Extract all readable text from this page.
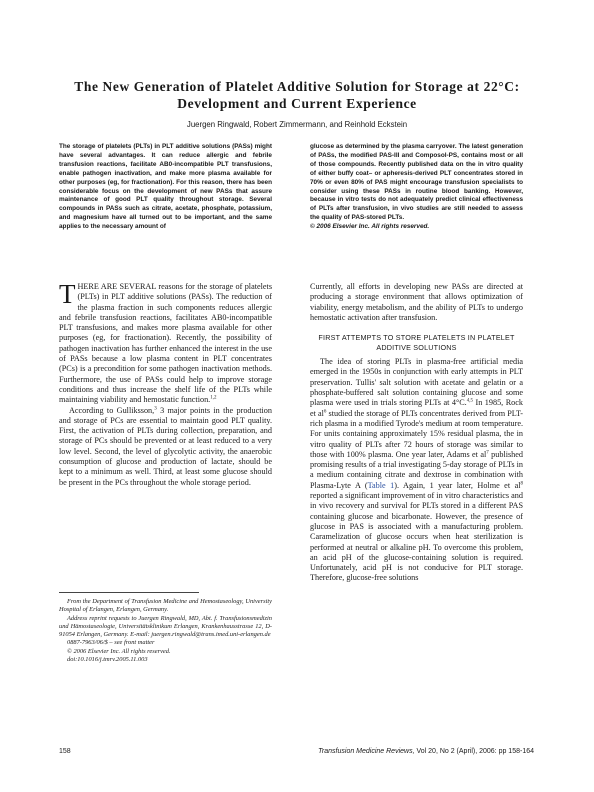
The New Generation of Platelet Additive Solution for Storage at 22°C: Development and Current Experience

Juergen Ringwald, Robert Zimmermann, and Reinhold Eckstein

The storage of platelets (PLTs) in PLT additive solutions (PASs) might have several advantages. It can reduce allergic and febrile transfusion reactions, facilitate AB0-incompatible PLT transfusions, enable pathogen inactivation, and make more plasma available for other purposes (eg, for fractionation). For this reason, there has been considerable focus on the development of new PASs that assure maintenance of good PLT quality throughout storage. Several compounds in PASs such as citrate, acetate, phosphate, potassium, and magnesium have all turned out to be important, and the same applies to the necessary amount of

glucose as determined by the plasma carryover. The latest generation of PASs, the modified PAS-III and Composol-PS, contains most or all of those compounds. Recently published data on the in vitro quality of either buffy coat– or apheresis-derived PLT concentrates stored in 70% or even 80% of PAS might encourage transfusion specialists to consider using these PASs in routine blood banking. However, because in vitro tests do not adequately predict clinical effectiveness of PLTs after transfusion, in vivo studies are still needed to assess the quality of PAS-stored PLTs.
© 2006 Elsevier Inc. All rights reserved.

THERE ARE SEVERAL reasons for the storage of platelets (PLTs) in PLT additive solutions (PASs). The reduction of the plasma fraction in such components reduces allergic and febrile transfusion reactions, facilitates AB0-incompatible PLT transfusions, and makes more plasma available for other purposes (eg, for fractionation). Recently, the possibility of pathogen inactivation has further enhanced the interest in the use of PASs because a low plasma content in PLT concentrates (PCs) is a precondition for some pathogen inactivation methods. Furthermore, the use of PASs could help to improve storage conditions and thus increase the shelf life of the PLTs while maintaining viability and hemostatic function.$^{1,2}$

According to Gulliksson,$^3$ 3 major points in the production and storage of PCs are essential to maintain good PLT quality. First, the activation of PLTs during collection, preparation, and storage of PCs should be prevented or at least reduced to a very low level. Second, the level of glycolytic activity, the anaerobic consumption of glucose and production of lactate, should be kept to a minimum as well. Third, at least some glucose should be present in the PCs throughout the whole storage period.

From the Department of Transfusion Medicine and Hemostaseology, University Hospital of Erlangen, Erlangen, Germany.

Address reprint requests to Juergen Ringwald, MD, Abt. f. Transfusionsmedizin und Hämostaseologie, Universitätsklinikum Erlangen, Krankenhausstrasse 12, D-91054 Erlangen, Germany. E-mail: juergen.ringwald@trans.imed.uni-erlangen.de

0887-7963/06/$ – see front matter

© 2006 Elsevier Inc. All rights reserved.

doi:10.1016/j.tmrv.2005.11.003

Currently, all efforts in developing new PASs are directed at producing a storage environment that allows optimization of viability, energy metabolism, and the ability of PLTs to undergo hemostatic activation after transfusion.

FIRST ATTEMPTS TO STORE PLATELETS IN PLATELET ADDITIVE SOLUTIONS

The idea of storing PLTs in plasma-free artificial media emerged in the 1950s in conjunction with early attempts in PLT preservation. Tullis' salt solution with acetate and gelatin or a phosphate-buffered salt solution containing glucose and some plasma were used in trials storing PLTs at 4°C.$^{4,5}$ In 1985, Rock et $al^6$ studied the storage of PLTs concentrates derived from PLT-rich plasma in a modified Tyrode's medium at room temperature. For units containing approximately 15% residual plasma, the in vitro quality of PLTs after 72 hours of storage was similar to those with 100% plasma. One year later, Adams et $al^7$ published promising results of a trial investigating 5-day storage of PLTs in a medium containing citrate and dextrose in combination with Plasma-Lyte A (Table 1). Again, 1 year later, Holme et $al^8$ reported a significant improvement of in vitro characteristics and in vivo recovery and survival for PLTs stored in a different PAS containing glucose and bicarbonate. However, the presence of glucose in PAS is associated with a manufacturing problem. Caramelization of glucose occurs when heat sterilization is performed at neutral or alkaline pH. To overcome this problem, an acid pH of the glucose-containing solution is required. Unfortunately, acid pH is not conducive for PLT storage. Therefore, glucose-free solutions

158	Transfusion Medicine Reviews, Vol 20, No 2 (April), 2006: pp 158-164
